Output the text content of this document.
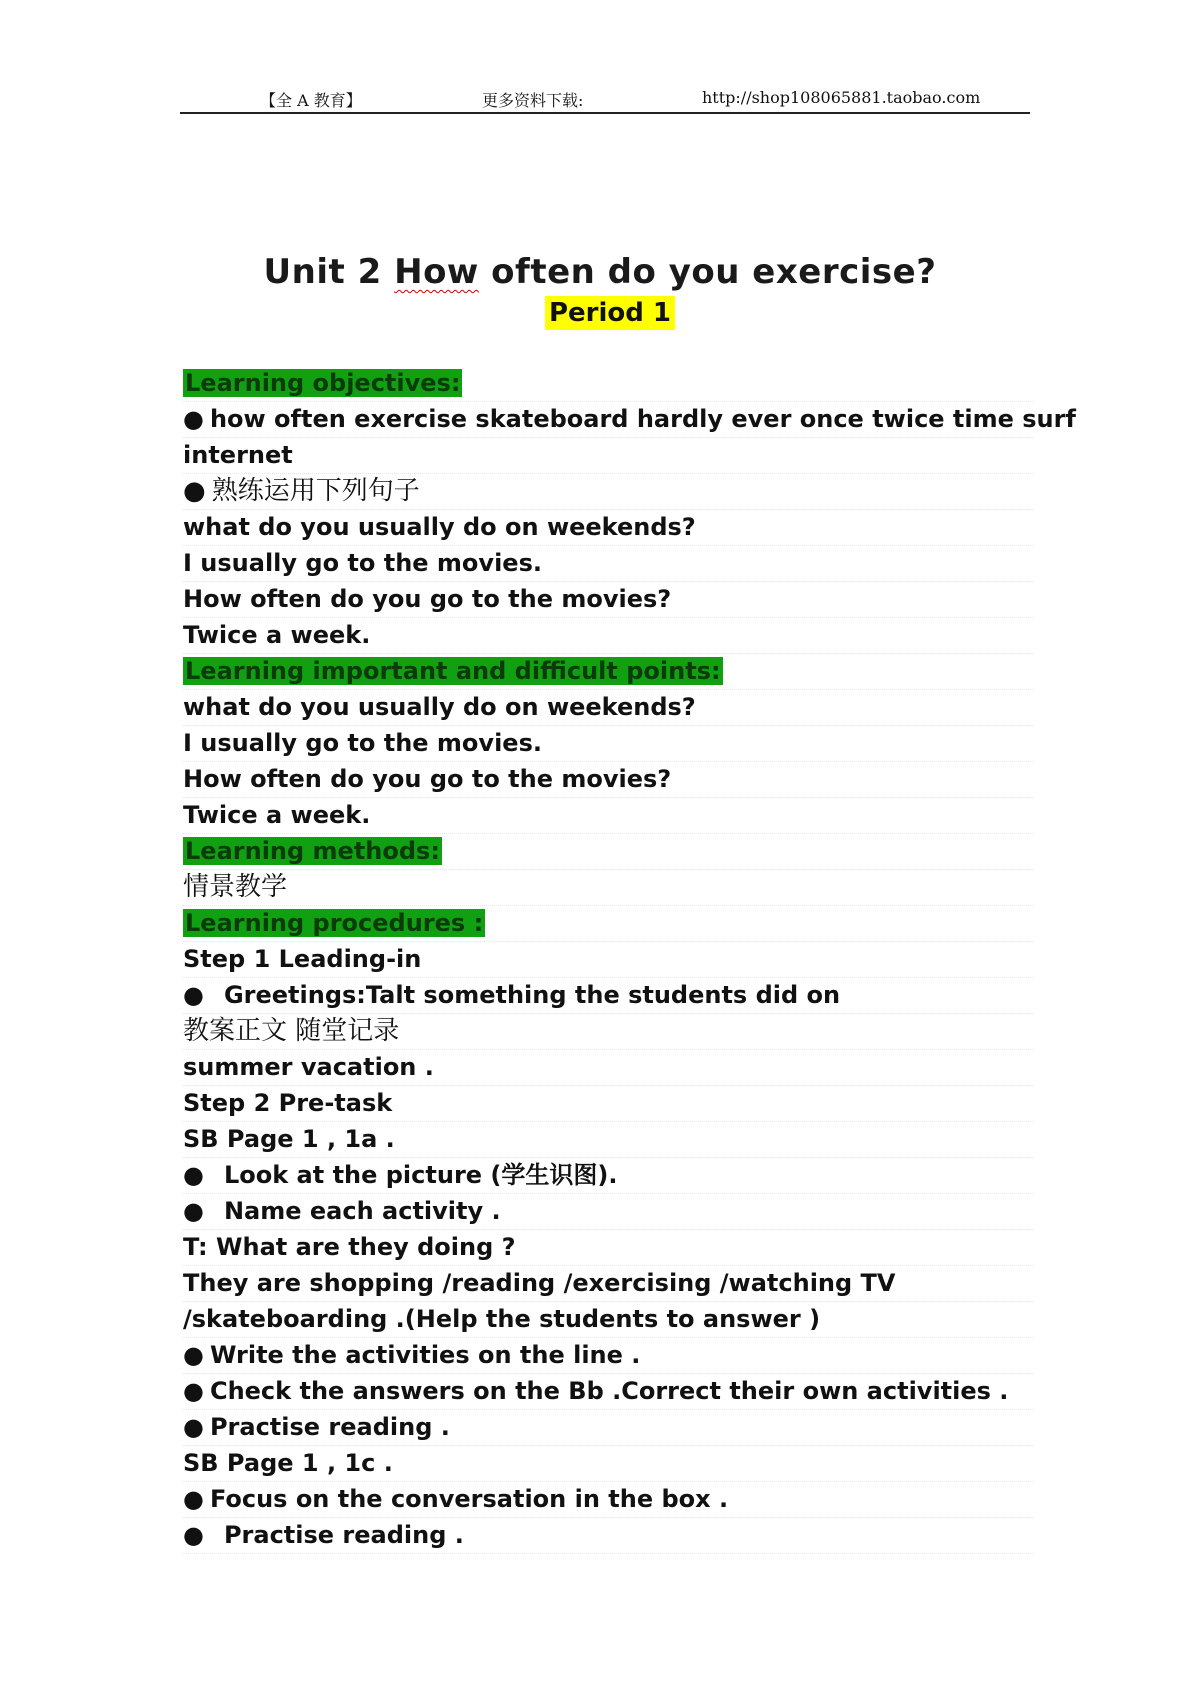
【全 A 教育】	更多资料下载:	http://shop108065881.taobao.com
Unit 2 How often do you exercise?
Period 1
Learning objectives:
● how often exercise skateboard hardly ever once twice time surf
internet
● 熟练运用下列句子
what do you usually do on weekends?
I usually go to the movies.
How often do you go to the movies?
Twice a week.
Learning important and difficult points:
what do you usually do on weekends?
I usually go to the movies.
How often do you go to the movies?
Twice a week.
Learning methods:
情景教学
Learning procedures :
Step 1 Leading-in
● Greetings:Talt something the students did on
教案正文 随堂记录
summer vacation .
Step 2 Pre-task
SB Page 1 , 1a .
● Look at the picture (学生识图).
● Name each activity .
T: What are they doing ?
They are shopping /reading /exercising /watching TV
/skateboarding .(Help the students to answer )
● Write the activities on the line .
● Check the answers on the Bb .Correct their own activities .
● Practise reading .
SB Page 1 , 1c .
● Focus on the conversation in the box .
● Practise reading .
